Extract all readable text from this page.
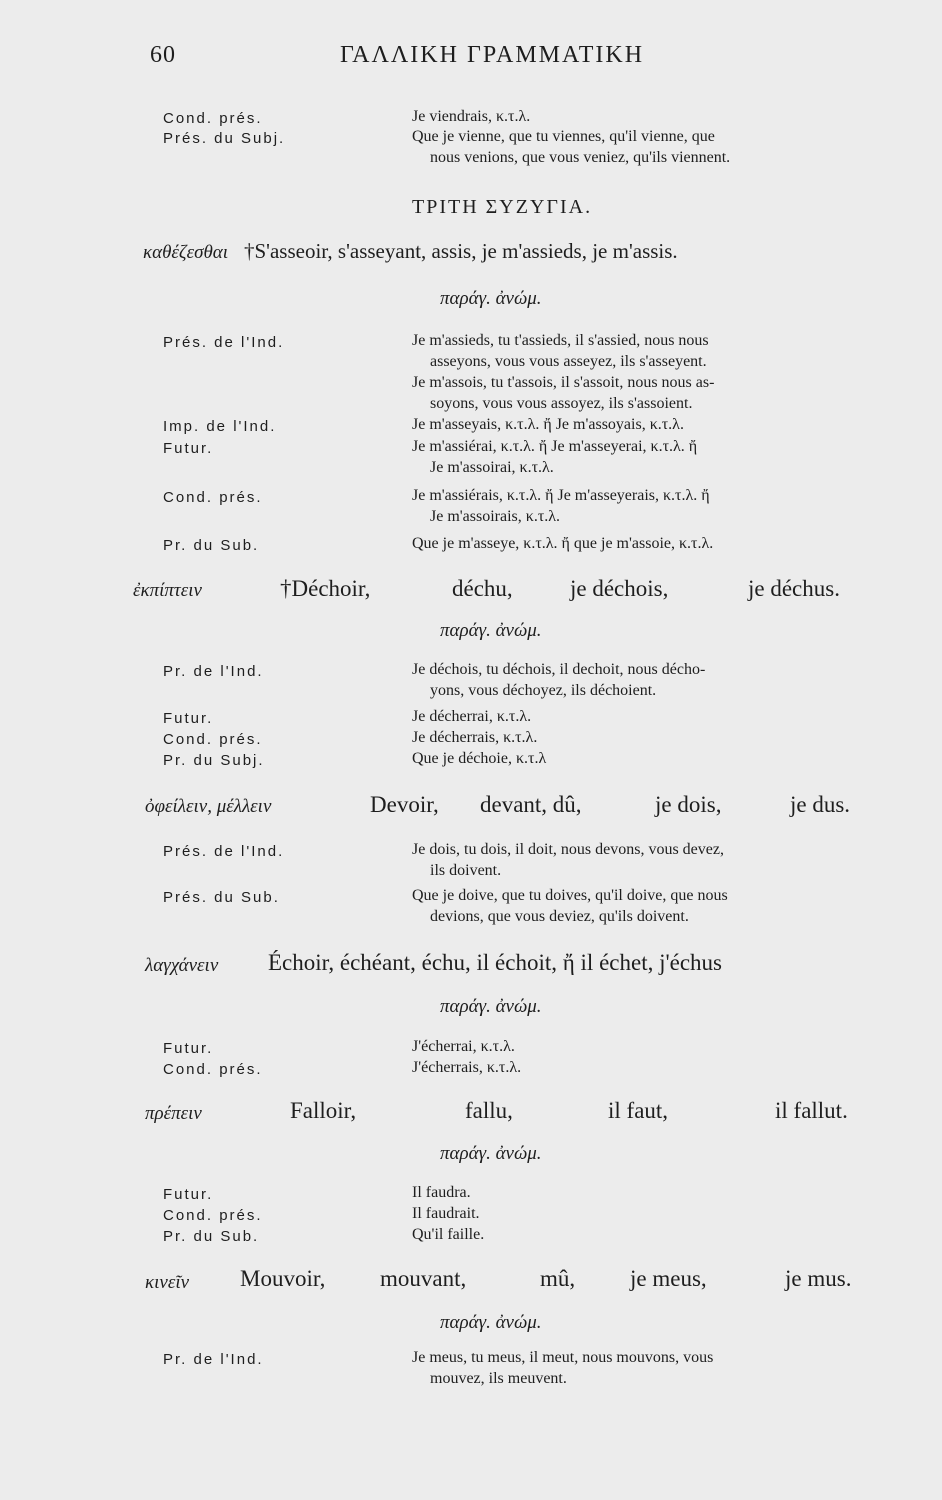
60	ΓΑΛΛΙΚΗ ΓΡΑΜΜΑΤΙΚΗ
Cond. prés.	Je viendrais, κ.τ.λ.
Prés. du Subj.	Que je vienne, que tu viennes, qu'il vienne, que
nous venions, que vous veniez, qu'ils viennent.
ΤΡΙΤΗ ΣΥΖΥΓΙΑ.
καθέζεσθαι †S'asseoir, s'asseyant, assis, je m'assieds, je m'assis.
παράγ. ἀνώμ.
Prés. de l'Ind.	Je m'assieds, tu t'assieds, il s'assied, nous nous
asseyons, vous vous asseyez, ils s'asseyent.
Je m'assois, tu t'assois, il s'assoit, nous nous as-
soyons, vous vous assoyez, ils s'assoient.
Imp. de l'Ind.	Je m'asseyais, κ.τ.λ. ἤ Je m'assoyais, κ.τ.λ.
Futur.	Je m'assiérai, κ.τ.λ. ἤ Je m'asseyerai, κ.τ.λ. ἤ
Je m'assoirai, κ.τ.λ.
Cond. prés.	Je m'assiérais, κ.τ.λ. ἤ Je m'asseyerais, κ.τ.λ. ἤ
Je m'assoirais, κ.τ.λ.
Pr. du Sub.	Que je m'asseye, κ.τ.λ. ἤ que je m'assoie, κ.τ.λ.
ἐκπίπτειν	†Déchoir,	déchu, je déchois,	je déchus.
παράγ. ἀνώμ.
Pr. de l'Ind.	Je déchois, tu déchois, il dechoit, nous décho-
yons, vous déchoyez, ils déchoient.
Futur.	Je décherrai, κ.τ.λ.
Cond. prés.	Je décherrais, κ.τ.λ.
Pr. du Subj.	Que je déchoie, κ.τ.λ
ὀφείλειν, μέλλειν	Devoir, devant, dû,	je dois,	je dus.
Prés. de l'Ind.	Je dois, tu dois, il doit, nous devons, vous devez,
ils doivent.
Prés. du Sub.	Que je doive, que tu doives, qu'il doive, que nous
devions, que vous deviez, qu'ils doivent.
λαγχάνειν Échoir, échéant, échu, il échoit, ἤ il échet, j'échus
παράγ. ἀνώμ.
Futur.	J'écherrai, κ.τ.λ.
Cond. prés.	J'écherrais, κ.τ.λ.
πρέπειν	Falloir,	fallu,	il faut,	il fallut.
παράγ. ἀνώμ.
Futur.	Il faudra.
Cond. prés.	Il faudrait.
Pr. du Sub.	Qu'il faille.
κινεῖν Mouvoir, mouvant,	mû, je meus,	je mus.
παράγ. ἀνώμ.
Pr. de l'Ind.	Je meus, tu meus, il meut, nous mouvons, vous
mouvez, ils meuvent.
